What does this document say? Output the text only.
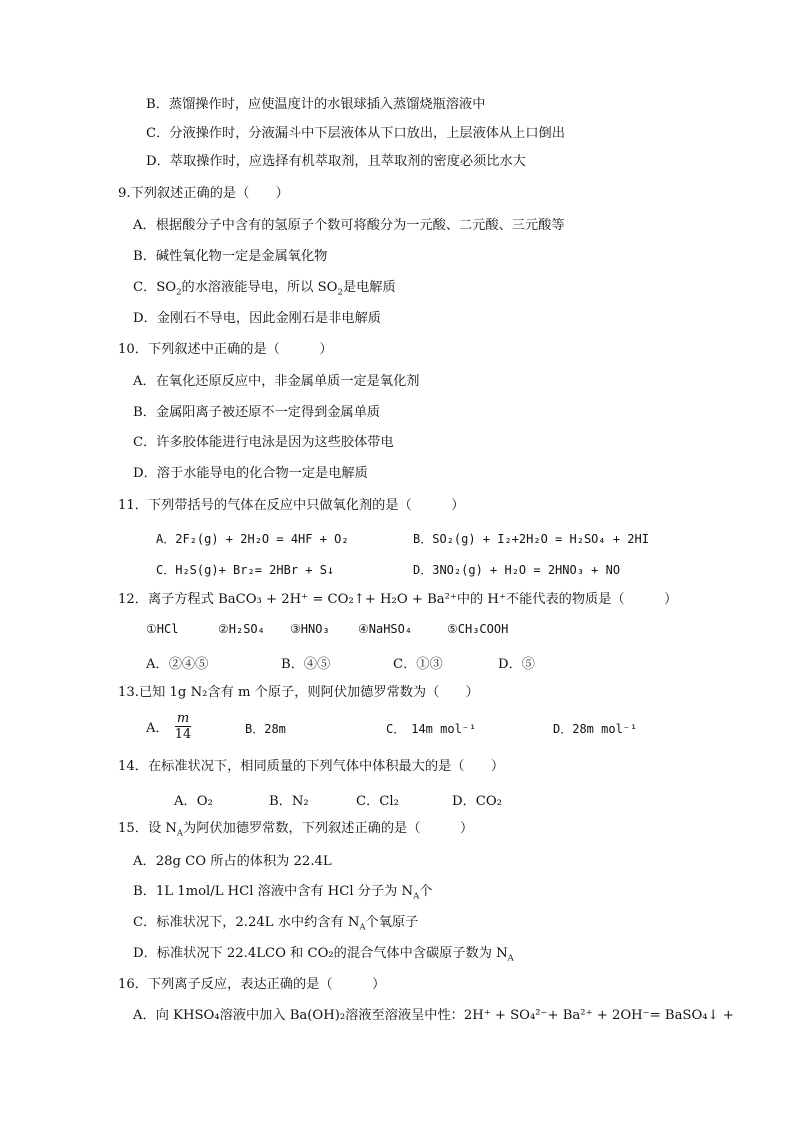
B．蒸馏操作时，应使温度计的水银球插入蒸馏烧瓶溶液中
C．分液操作时，分液漏斗中下层液体从下口放出，上层液体从上口倒出
D．萃取操作时，应选择有机萃取剂，且萃取剂的密度必须比水大
9.下列叙述正确的是（　　）
A．根据酸分子中含有的氢原子个数可将酸分为一元酸、二元酸、三元酸等
B．碱性氧化物一定是金属氧化物
C．$SO_2$的水溶液能导电，所以 $SO_2$是电解质
D．金刚石不导电，因此金刚石是非电解质
10．下列叙述中正确的是（　　　）
A．在氧化还原反应中，非金属单质一定是氧化剂
B．金属阳离子被还原不一定得到金属单质
C．许多胶体能进行电泳是因为这些胶体带电
D．溶于水能导电的化合物一定是电解质
11．下列带括号的气体在反应中只做氧化剂的是（　　　）
A．2F₂(g) + 2H₂O = 4HF + O₂	B．SO₂(g) + I₂+2H₂O = H₂SO₄ + 2HI
C．H₂S(g)+ Br₂= 2HBr + S↓	D．3NO₂(g) + H₂O = 2HNO₃ + NO
12．离子方程式 BaCO₃ + 2H⁺ = CO₂↑+ H₂O + Ba²⁺中的 H⁺不能代表的物质是（　　　）
①HCl	②H₂SO₄ ③HNO₃ ④NaHSO₄	⑤CH₃COOH
A．②④⑤	B．④⑤	C．①③	D．⑤
13.已知 1g N₂含有 m 个原子，则阿伏加德罗常数为（　　）
A． $\frac{m}{14}$	B．28m	C．　14m mol⁻¹	D．28m mol⁻¹
14．在标准状况下，相同质量的下列气体中体积最大的是（　　）
A．O₂	B．N₂	C．Cl₂	D．CO₂
15．设 $N_A$为阿伏加德罗常数，下列叙述正确的是（　　　）
A．28g CO 所占的体积为 22.4L
B．1L 1mol/L HCl 溶液中含有 HCl 分子为 $N_A$个
C．标准状况下，2.24L 水中约含有 $N_A$个氧原子
D．标准状况下 22.4LCO 和 CO₂的混合气体中含碳原子数为 $N_A$
16．下列离子反应，表达正确的是（　　　）
A．向 KHSO₄溶液中加入 Ba(OH)₂溶液至溶液呈中性：2H⁺ + SO₄²⁻+ Ba²⁺ + 2OH⁻= BaSO₄↓ +
